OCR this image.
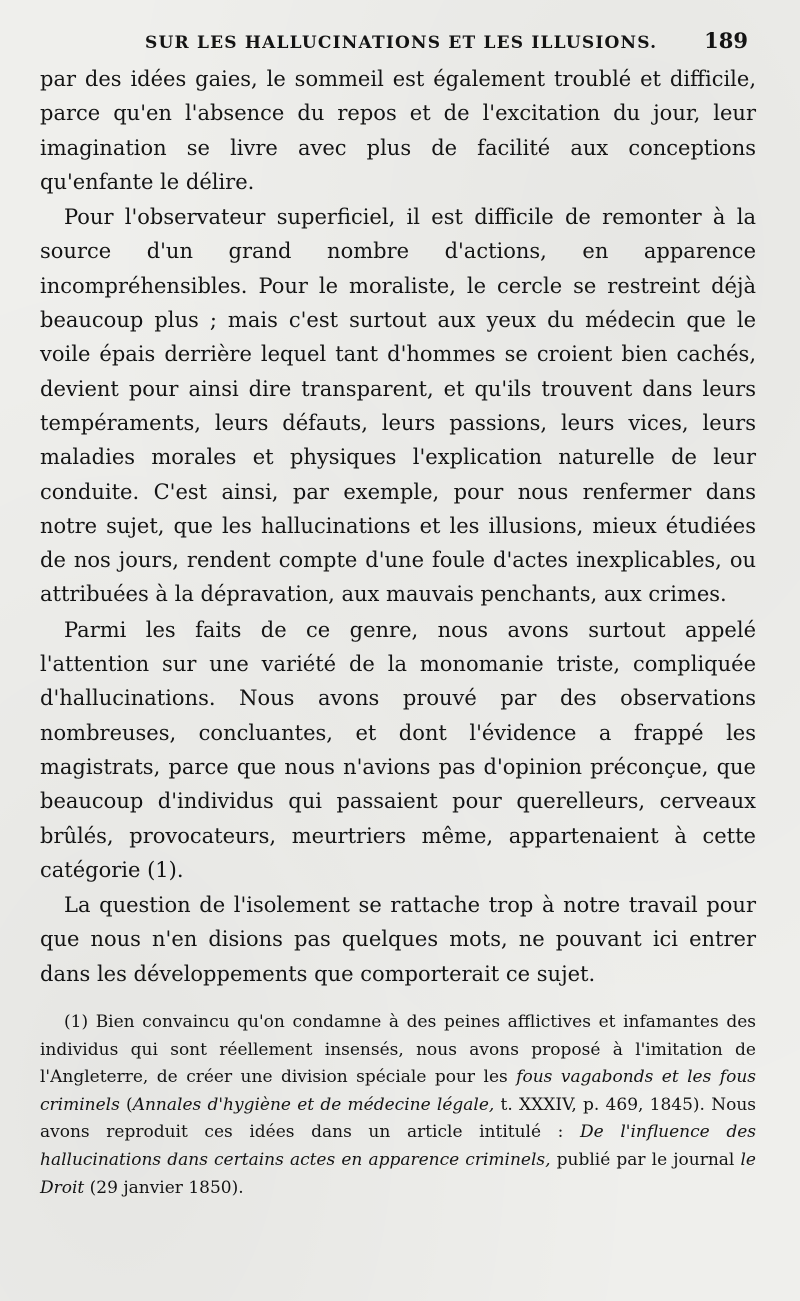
SUR LES HALLUCINATIONS ET LES ILLUSIONS. 189

par des idées gaies, le sommeil est également troublé et difficile, parce qu'en l'absence du repos et de l'excitation du jour, leur imagination se livre avec plus de facilité aux conceptions qu'enfante le délire.

Pour l'observateur superficiel, il est difficile de remonter à la source d'un grand nombre d'actions, en apparence incompréhensibles. Pour le moraliste, le cercle se restreint déjà beaucoup plus ; mais c'est surtout aux yeux du médecin que le voile épais derrière lequel tant d'hommes se croient bien cachés, devient pour ainsi dire transparent, et qu'ils trouvent dans leurs tempéraments, leurs défauts, leurs passions, leurs vices, leurs maladies morales et physiques l'explication naturelle de leur conduite. C'est ainsi, par exemple, pour nous renfermer dans notre sujet, que les hallucinations et les illusions, mieux étudiées de nos jours, rendent compte d'une foule d'actes inexplicables, ou attribuées à la dépravation, aux mauvais penchants, aux crimes.

Parmi les faits de ce genre, nous avons surtout appelé l'attention sur une variété de la monomanie triste, compliquée d'hallucinations. Nous avons prouvé par des observations nombreuses, concluantes, et dont l'évidence a frappé les magistrats, parce que nous n'avions pas d'opinion préconçue, que beaucoup d'individus qui passaient pour querelleurs, cerveaux brûlés, provocateurs, meurtriers même, appartenaient à cette catégorie (1).

La question de l'isolement se rattache trop à notre travail pour que nous n'en disions pas quelques mots, ne pouvant ici entrer dans les développements que comporterait ce sujet.

(1) Bien convaincu qu'on condamne à des peines afflictives et infamantes des individus qui sont réellement insensés, nous avons proposé à l'imitation de l'Angleterre, de créer une division spéciale pour les fous vagabonds et les fous criminels (Annales d'hygiène et de médecine légale, t. XXXIV, p. 469, 1845). Nous avons reproduit ces idées dans un article intitulé : De l'influence des hallucinations dans certains actes en apparence criminels, publié par le journal le Droit (29 janvier 1850).
